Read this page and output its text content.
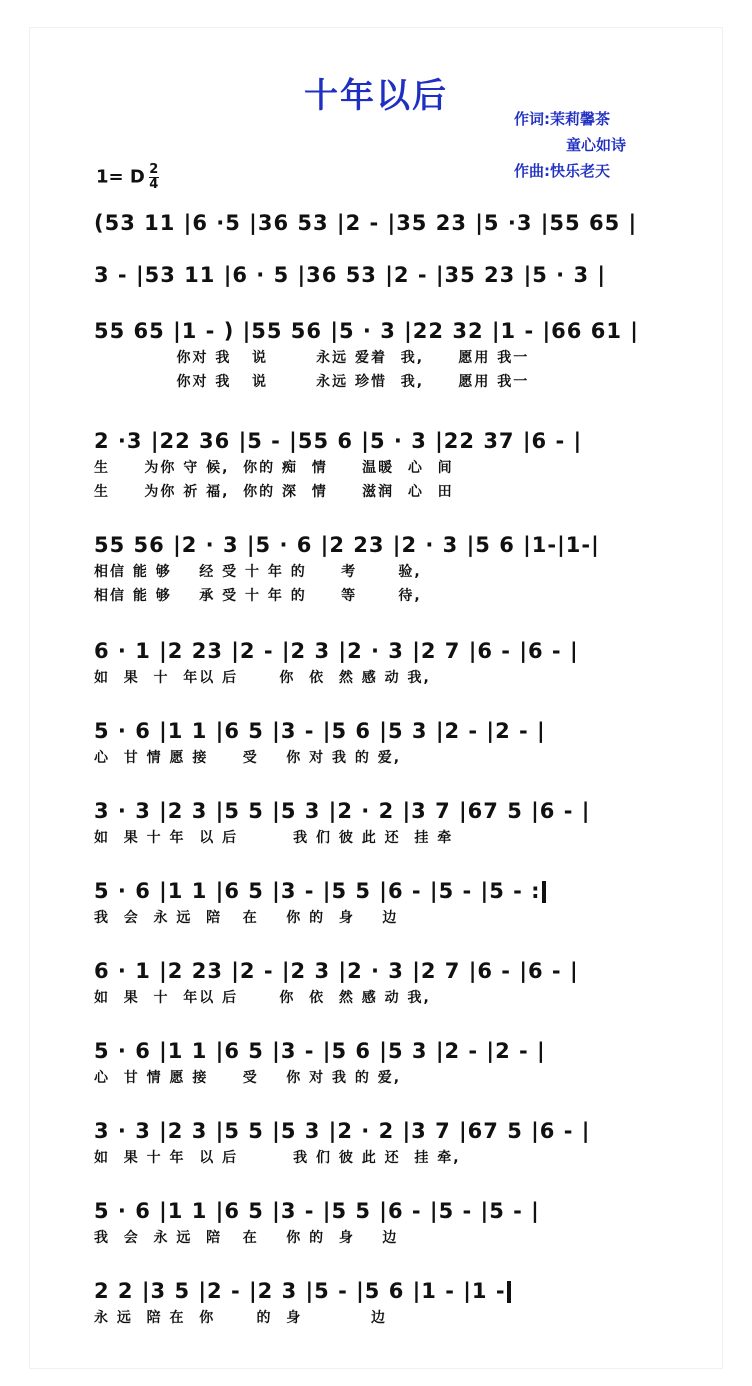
十年以后
作词:茉莉馨茶
童心如诗
作曲:快乐老天
1= D $\frac{2}{4}$
(53 11 |6 ·5 |36 53 |2 - |35 23 |5 ·3 |55 65 |
3 - |53 11 |6 · 5 |36 53 |2 - |35 23 |5 · 3 |
55 65 |1 - ) |55 56 |5 · 3 |22 32 |1 - |66 61 |
你对 我   说       永远 爱着  我,     愿用 我一
你对 我   说       永远 珍惜  我,     愿用 我一
2 ·3 |22 36 |5 - |55 6 |5 · 3 |22 37 |6 - |
生     为你 守 候,  你的 痴  情     温暖  心  间
生     为你 祈 福,  你的 深  情     滋润  心  田
55 56 |2 · 3 |5 · 6 |2 23 |2 · 3 |5 6 |1-|1-|
相信 能 够    经 受 十 年 的     考      验,
相信 能 够    承 受 十 年 的     等      待,
6 · 1 |2 23 |2 - |2 3 |2 · 3 |2 7 |6 - |6 - |
如  果  十  年以 后      你  依  然 感 动 我,
5 · 6 |1 1 |6 5 |3 - |5 6 |5 3 |2 - |2 - |
心  甘 情 愿 接     受    你 对 我 的 爱,
3 · 3 |2 3 |5 5 |5 3 |2 · 2 |3 7 |67 5 |6 - |
如  果 十 年  以 后        我 们 彼 此 还  挂 牵
5 · 6 |1 1 |6 5 |3 - |5 5 |6 - |5 - |5 - :
我  会  永 远  陪   在    你 的  身    边
6 · 1 |2 23 |2 - |2 3 |2 · 3 |2 7 |6 - |6 - |
如  果  十  年以 后      你  依  然 感 动 我,
5 · 6 |1 1 |6 5 |3 - |5 6 |5 3 |2 - |2 - |
心  甘 情 愿 接     受    你 对 我 的 爱,
3 · 3 |2 3 |5 5 |5 3 |2 · 2 |3 7 |67 5 |6 - |
如  果 十 年  以 后        我 们 彼 此 还  挂 牵,
5 · 6 |1 1 |6 5 |3 - |5 5 |6 - |5 - |5 - |
我  会  永 远  陪   在    你 的  身    边
2 2 |3 5 |2 - |2 3 |5 - |5 6 |1 - |1 -
永 远  陪 在  你      的  身          边
